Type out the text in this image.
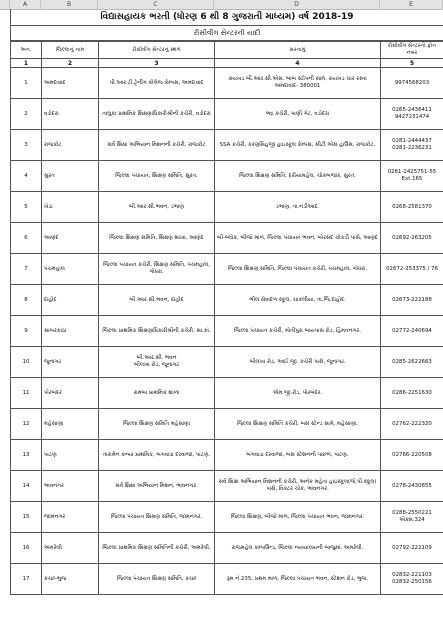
A	B	C	D	E
વિદ્યાસહાયક ભરતી (ધોરણ 6 થી 8 ગુજરાતી માધ્યમ) વર્ષ 2018-19
રીસીવીંગ સેન્ટરની યાદી
અન.	જિલ્લાનું નામ	રીસીવીંગ સેન્ટરનું સ્થળ	સરનામું	રીસીવીંગ સેન્ટરનો ફોન નંબર
1	2	3	4	5
1	અમદાવાદ	પી.આર.ટી.ટ્રેનીંગ કોલેજ કેમ્પસ, અમદાવાદ	રાયખડ બી.આર.સી.એસ. બાબ સ્ટોપની સામે, રાયખડ ચાર રસ્તા અમદાવાદ- 380001	9974568203
2	વડોદરા	તાલુકા પ્રાથમિક શિક્ષણાધિકારીશ્રીની કચેરી, વડોદરા	ભદ્ર કચેરી, પાણી ગેટ, વડોદરા	0265-2436411
9427231474
3	રાજકોટ	સર્વ શિક્ષા અભિયાન મિશનની કચેરી, રાજકોટ	SSA કચેરી, કરણસિંહજી હાઇસ્કૂલ કેમ્પસ, સીટી એસ હાઉસ, રાજકોટ.	0281-2444437
0281-2236231
4	સુરત	જિલ્લા પંચાયત, શિક્ષણ સમિતિ, સુરત.	જિલ્લા શિક્ષણ સમિતિ, દરીયામહેલ, ચોકબજાર, સુરત.	0261-2425751-55
Ext.165
5	ખેડા	બી.આર.સી.ભવન, ડભાણ	ડભાણ, તા.નડીઆદ.	0268-2581370
6	આણંદ	જિલ્લા શિક્ષણ સમિતિ, શિક્ષણ શાખા, આણંદ	બી-બ્લોક, બીજો માળ, જિલ્લા પંચાયત ભવન, બોરસદ ચોકડી પાસે, આણંદ	02692-263205
7	પંચમહાલ	જિલ્લા પંચાયત કચેરી, શિક્ષણ સમિતિ, પંચમહાલ, ગોધરા.	જિલ્લા શિક્ષણ સમિતિ, જિલ્લા પંચાયત કચેરી, પંચમહાલ, ગોધરા.	02672-253375 / 76
8	દાહોદ	બી.આર.સી.ભવન, દાહોદ	ભીલ સેવાદળ સ્કૂલ, ચાકલીયા, તા.જિ.દાહોદ.	02673-222188
9	સાબરકાંઠા	જિલ્લા પ્રાથમિક શિક્ષણાધિકારીશ્રીની કચેરી, સા.કાં.	જિલ્લા પંચાયત કચેરી, મોતીપુરા બાયપાસ રોડ, હિંમતનગર.	02772-240694
10	જૂનાગઢ	બી.આર.સી. ભવન
બીલખા રોડ, જૂનાગઢ	બીલખા રોડ, આઈ.જી. કચેરી પાસે, જૂનાગઢ.	0285-2622663
11	પોરબંદર	રામબા પ્રાથમિક શાળા	એમ.જી.રોડ, પોરબંદર.	0286-2251630
12	મહેસાણા	જિલ્લા શિક્ષણ સમિતિ મહેસાણા	જિલ્લા શિક્ષણ સમિતિ કચેરી, બસ સ્ટેન્ડ સામે, મહેસાણા.	02762-222320
13	પાટણ	તારામેન કન્યા પ્રાથમિક, બગવાડા દરવાજા, પાટણ.	બગવાડા દરવાજા, બસ સ્ટેશનની પાછળ, પાટણ.	02766-220508
14	ભાવનગર	સર્વ શિક્ષા અભિયાન મિશન, ભાવનગર.	સર્વ શિક્ષા અભિયાન મિશનની કચેરી, અનેક મહેતા હાઇસ્કૂલ(જે.પી.સ્કૂલ) પાસે, વિક્ટર ચોક, ભાવનગર.	0278-2430855
15	જામનગર	જિલ્લા પંચાયત શિક્ષણ સમિતિ, જામનગર.	જિલ્લા શિક્ષણ, બીજો માળ, જિલ્લા પંચાયત ભવન, જામનગર.	0288-2550221
એક્સ.324
16	અમરેલી	જિલ્લા પ્રાથમિક શિક્ષણ સમિતિની કચેરી, અમરેલી.	રાજમહેલ કમ્પાઉન્ડ, જિલ્લા ન્યાયાલયની બાજુમાં, અમરેલી.	02792-222109
17	કચ્છ-ભુજ	જિલ્લા પંચાયત શિક્ષણ સમિતિ, કચ્છ	રૂમ નં.235, પ્રથમ માળ, જિલ્લા પંચાયત ભવન, સ્ટેશન રોડ, ભુજ.	02832-221103
02832-250156
